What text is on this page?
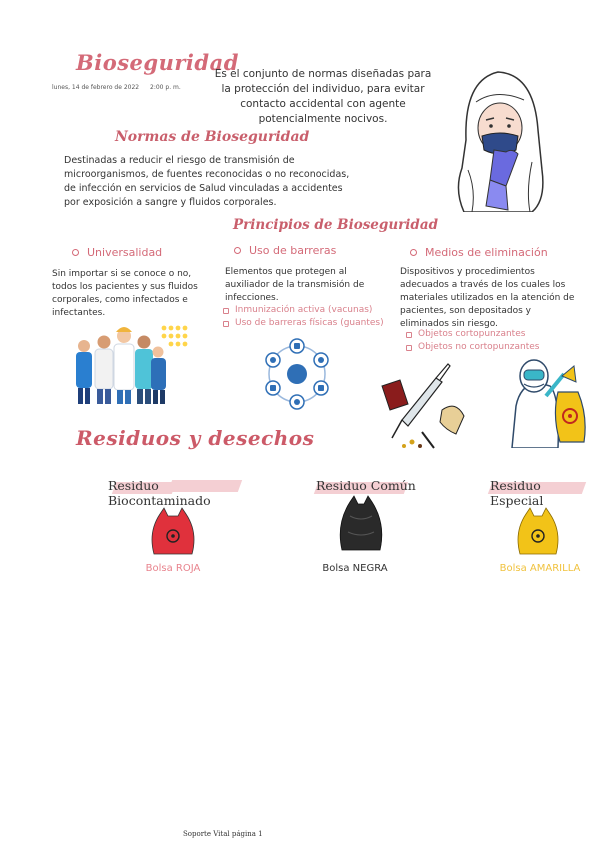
Bioseguridad
lunes, 14 de febrero de 2022 2:00 p. m.
Es el conjunto de normas diseñadas para la protección del individuo, para evitar contacto accidental con agente potencialmente nocivos.
Normas de Bioseguridad
Destinadas a reducir el riesgo de transmisión de microorganismos, de fuentes reconocidas o no reconocidas, de infección en servicios de Salud vinculadas a accidentes por exposición a sangre y fluidos corporales.
Principios de Bioseguridad
Universalidad
Sin importar si se conoce o no, todos los pacientes y sus fluidos corporales, como infectados e infectantes.
Uso de barreras
Elementos que protegen al auxiliador de la transmisión de infecciones.
Inmunización activa (vacunas)
Uso de barreras físicas (guantes)
Medios de eliminación
Dispositivos y procedimientos adecuados a través de los cuales los materiales utilizados en la atención de pacientes, son depositados y eliminados sin riesgo.
Objetos cortopunzantes
Objetos no cortopunzantes
Residuos y desechos
Residuo Biocontaminado
Residuo Común	Residuo Especial
Bolsa ROJA	Bolsa NEGRA	Bolsa AMARILLA
Soporte Vital página 1
